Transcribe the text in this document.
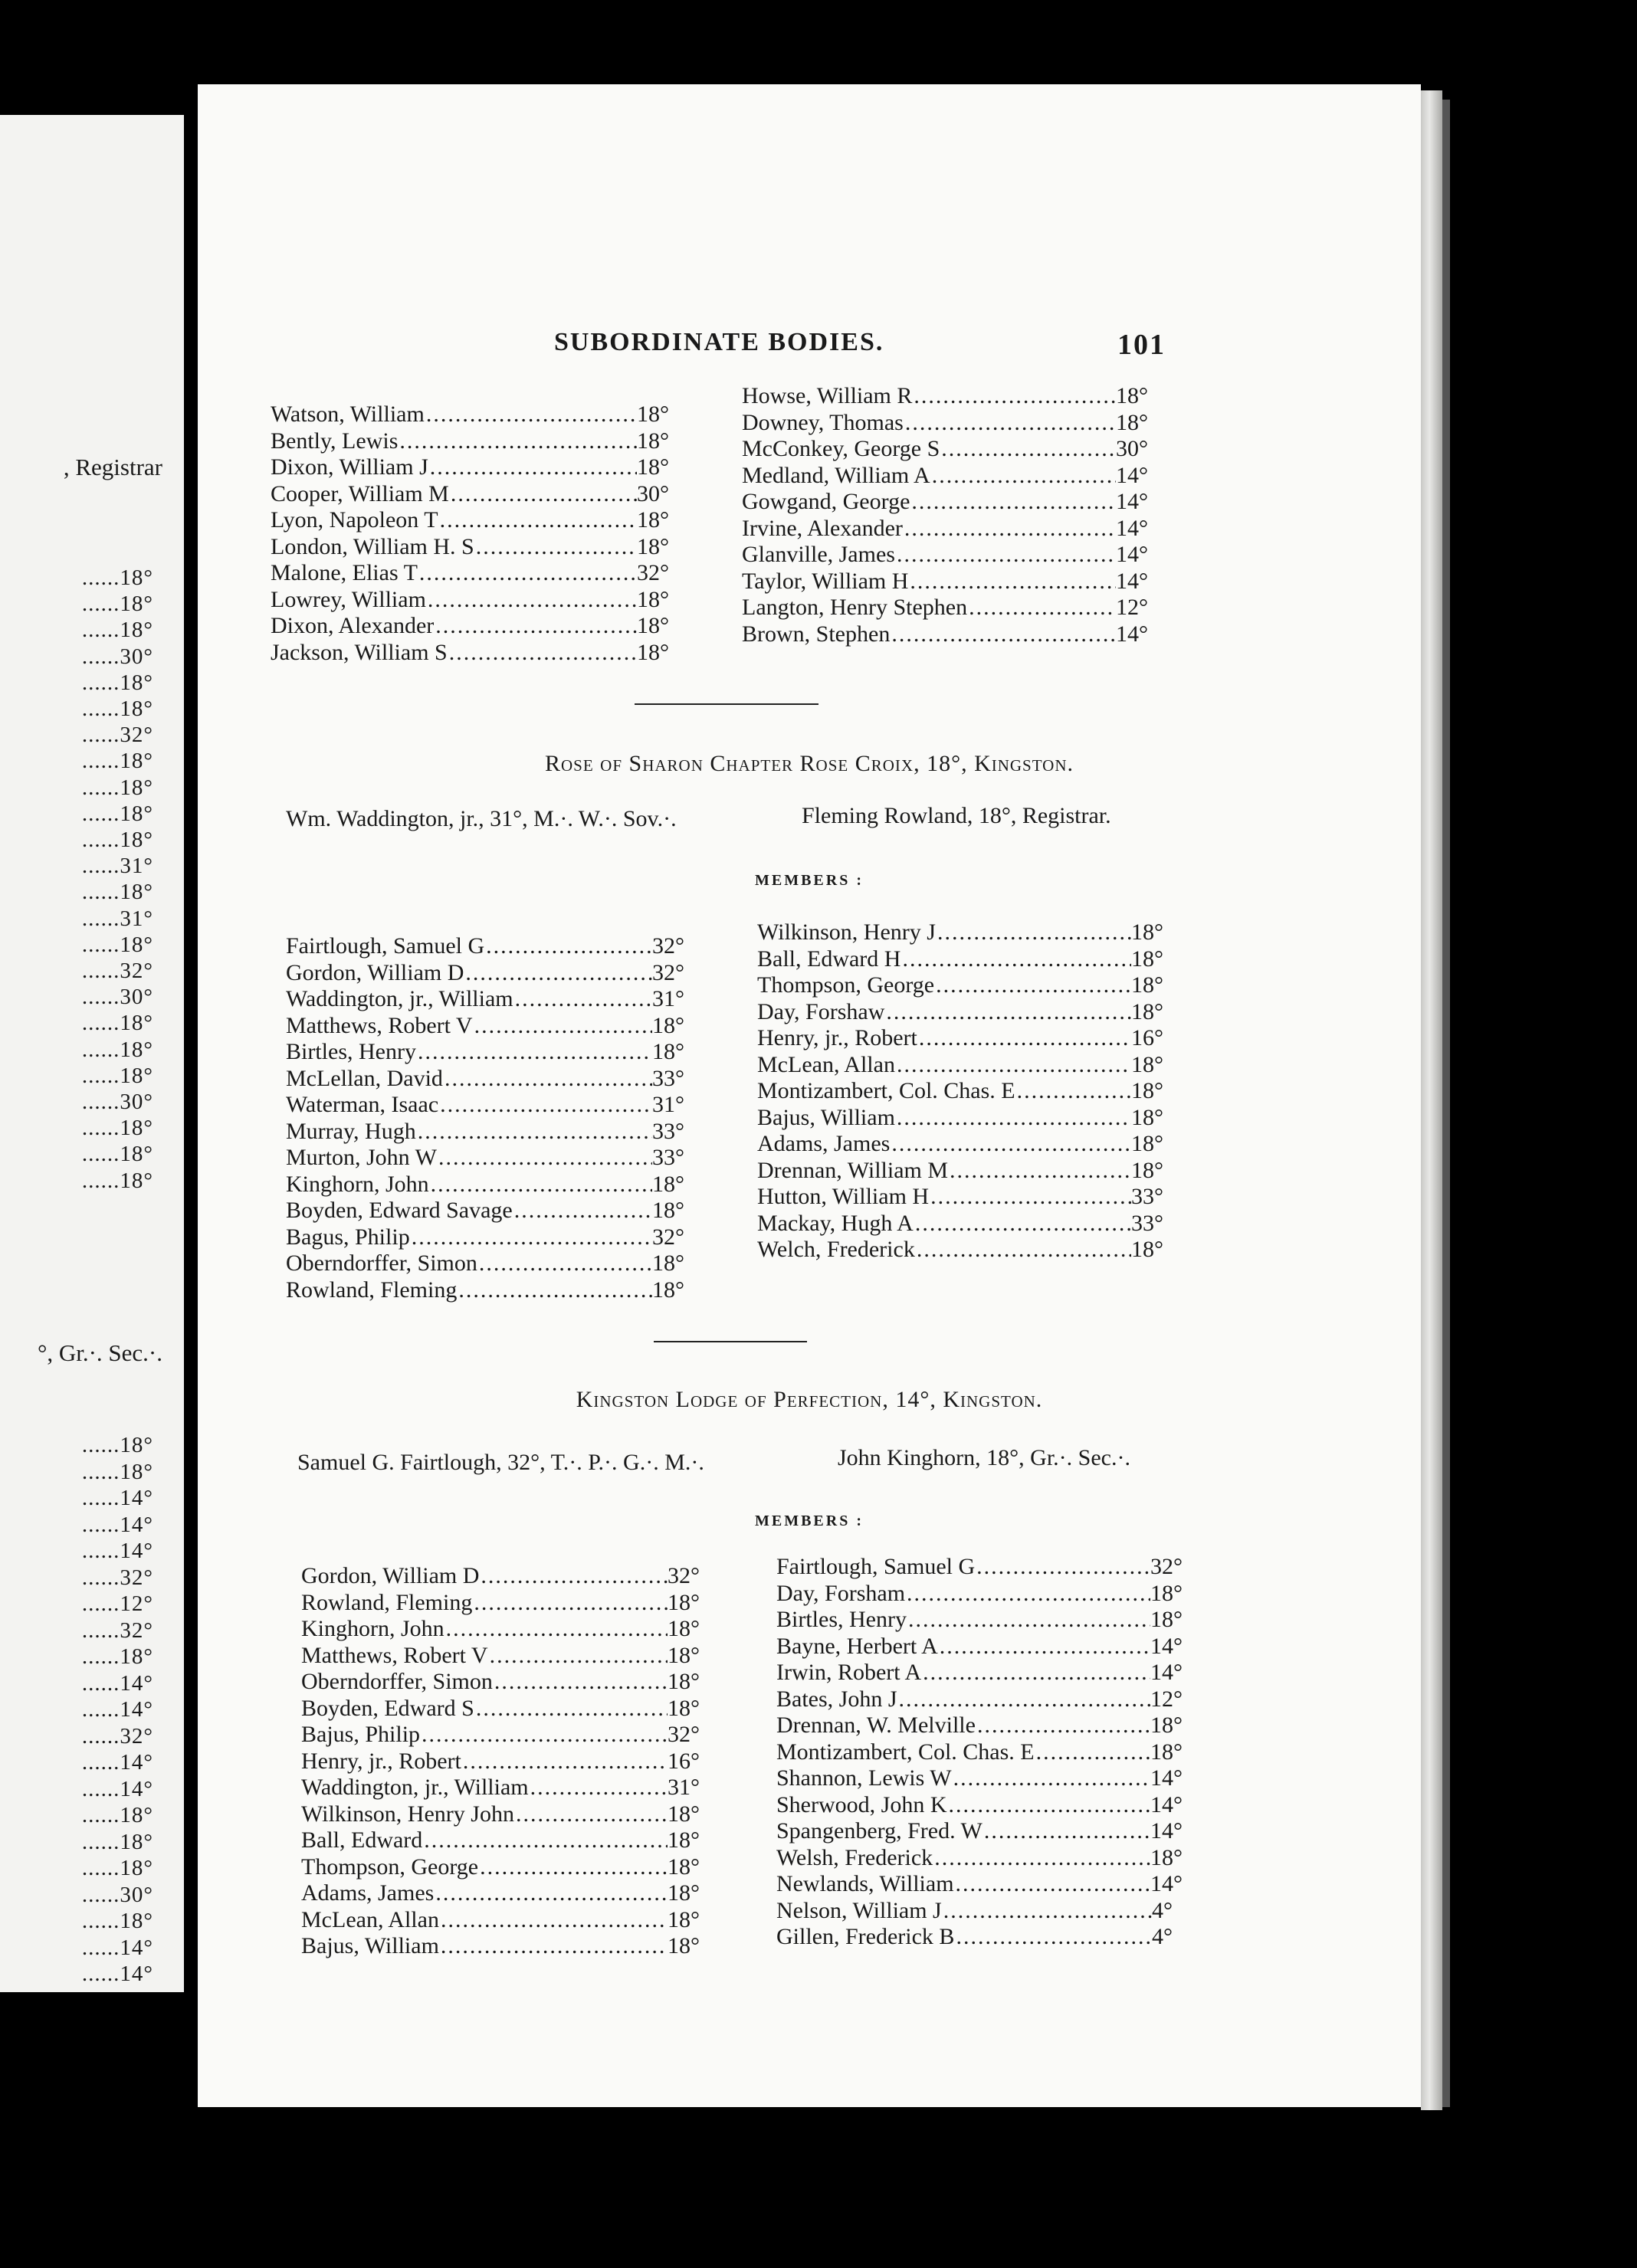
, Registrar
......18°
......18°
......18°
......30°
......18°
......18°
......32°
......18°
......18°
......18°
......18°
......31°
......18°
......31°
......18°
......32°
......30°
......18°
......18°
......18°
......30°
......18°
......18°
......18°
°, Gr.·. Sec.·.
......18°
......18°
......14°
......14°
......14°
......32°
......12°
......32°
......18°
......14°
......14°
......32°
......14°
......14°
......18°
......18°
......18°
......30°
......18°
......14°
......14°
SUBORDINATE BODIES.	101
Watson, William .....	18°
Bently, Lewis .....	18°
Dixon, William J .....	18°
Cooper, William M .....	30°
Lyon, Napoleon T .....	18°
London, William H. S .....	18°
Malone, Elias T .....	32°
Lowrey, William .....	18°
Dixon, Alexander .....	18°
Jackson, William S .....	18°
Howse, William R .....	18°
Downey, Thomas .....	18°
McConkey, George S .....	30°
Medland, William A .....	14°
Gowgand, George .....	14°
Irvine, Alexander .....	14°
Glanville, James .....	14°
Taylor, William H .....	14°
Langton, Henry Stephen .....	12°
Brown, Stephen .....	14°
Rose of Sharon Chapter Rose Croix, 18°, Kingston.
Wm. Waddington, jr., 31°, M.·. W.·. Sov.·.	Fleming Rowland, 18°, Registrar.
MEMBERS :
Fairtlough, Samuel G .....	32°
Gordon, William D .....	32°
Waddington, jr., William .....	31°
Matthews, Robert V .....	18°
Birtles, Henry .....	18°
McLellan, David .....	33°
Waterman, Isaac .....	31°
Murray, Hugh .....	33°
Murton, John W .....	33°
Kinghorn, John .....	18°
Boyden, Edward Savage .....	18°
Bagus, Philip .....	32°
Oberndorffer, Simon .....	18°
Rowland, Fleming .....	18°
Wilkinson, Henry J .....	18°
Ball, Edward H .....	18°
Thompson, George .....	18°
Day, Forshaw .....	18°
Henry, jr., Robert .....	16°
McLean, Allan .....	18°
Montizambert, Col. Chas. E .....	18°
Bajus, William .....	18°
Adams, James .....	18°
Drennan, William M .....	18°
Hutton, William H .....	33°
Mackay, Hugh A .....	33°
Welch, Frederick .....	18°
Kingston Lodge of Perfection, 14°, Kingston.
Samuel G. Fairtlough, 32°, T.·. P.·. G.·. M.·.	John Kinghorn, 18°, Gr.·. Sec.·.
MEMBERS :
Gordon, William D .....	32°
Rowland, Fleming .....	18°
Kinghorn, John .....	18°
Matthews, Robert V .....	18°
Oberndorffer, Simon .....	18°
Boyden, Edward S .....	18°
Bajus, Philip .....	32°
Henry, jr., Robert .....	16°
Waddington, jr., William .....	31°
Wilkinson, Henry John .....	18°
Ball, Edward .....	18°
Thompson, George .....	18°
Adams, James .....	18°
McLean, Allan .....	18°
Bajus, William .....	18°
Fairtlough, Samuel G .....	32°
Day, Forsham .....	18°
Birtles, Henry .....	18°
Bayne, Herbert A .....	14°
Irwin, Robert A .....	14°
Bates, John J .....	12°
Drennan, W. Melville .....	18°
Montizambert, Col. Chas. E .....	18°
Shannon, Lewis W .....	14°
Sherwood, John K .....	14°
Spangenberg, Fred. W .....	14°
Welsh, Frederick .....	18°
Newlands, William .....	14°
Nelson, William J .....	4°
Gillen, Frederick B .....	4°
